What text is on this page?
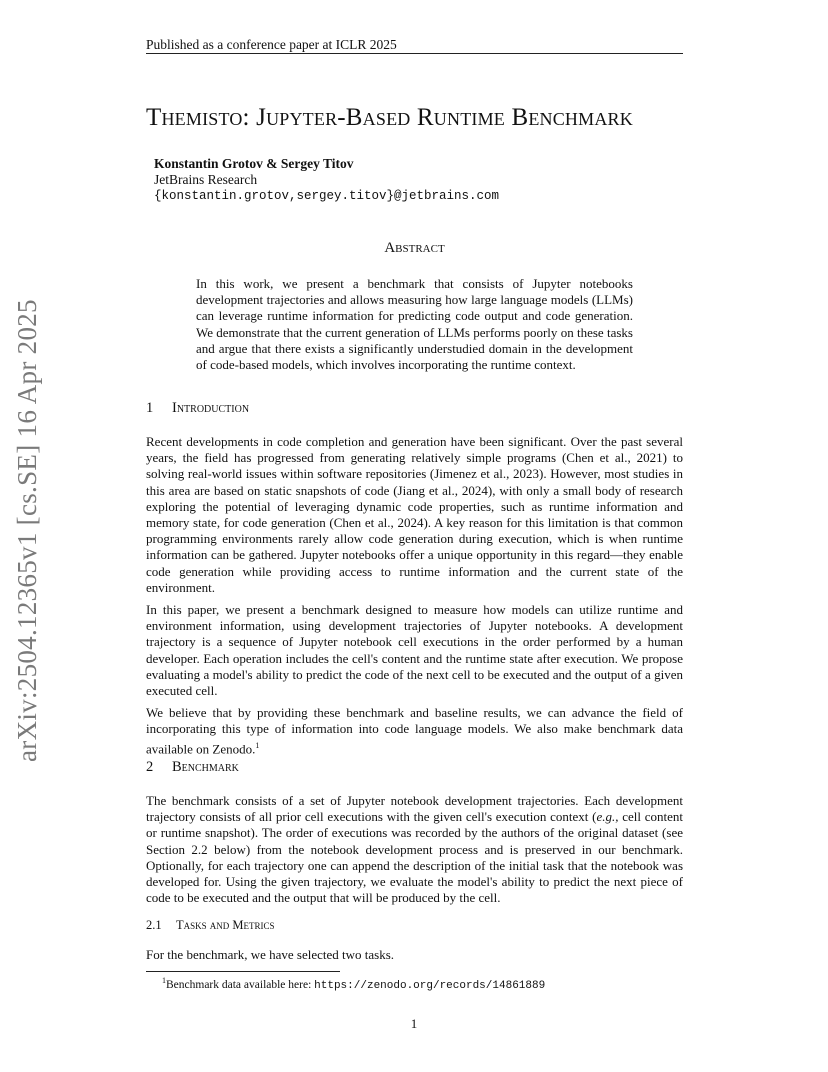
Published as a conference paper at ICLR 2025
arXiv:2504.12365v1 [cs.SE] 16 Apr 2025
Themisto: Jupyter-Based Runtime Benchmark
Konstantin Grotov & Sergey Titov
JetBrains Research
{konstantin.grotov,sergey.titov}@jetbrains.com
Abstract
In this work, we present a benchmark that consists of Jupyter notebooks development trajectories and allows measuring how large language models (LLMs) can leverage runtime information for predicting code output and code generation. We demonstrate that the current generation of LLMs performs poorly on these tasks and argue that there exists a significantly understudied domain in the development of code-based models, which involves incorporating the runtime context.
1 Introduction

Recent developments in code completion and generation have been significant. Over the past several years, the field has progressed from generating relatively simple programs (Chen et al., 2021) to solving real-world issues within software repositories (Jimenez et al., 2023). However, most studies in this area are based on static snapshots of code (Jiang et al., 2024), with only a small body of research exploring the potential of leveraging dynamic code properties, such as runtime information and memory state, for code generation (Chen et al., 2024). A key reason for this limitation is that common programming environments rarely allow code generation during execution, which is when runtime information can be gathered. Jupyter notebooks offer a unique opportunity in this regard—they enable code generation while providing access to runtime information and the current state of the environment.

In this paper, we present a benchmark designed to measure how models can utilize runtime and environment information, using development trajectories of Jupyter notebooks. A development trajectory is a sequence of Jupyter notebook cell executions in the order performed by a human developer. Each operation includes the cell's content and the runtime state after execution. We propose evaluating a model's ability to predict the code of the next cell to be executed and the output of a given executed cell.

We believe that by providing these benchmark and baseline results, we can advance the field of incorporating this type of information into code language models. We also make benchmark data available on Zenodo.$^1$

2 Benchmark

The benchmark consists of a set of Jupyter notebook development trajectories. Each development trajectory consists of all prior cell executions with the given cell's execution context (e.g., cell content or runtime snapshot). The order of executions was recorded by the authors of the original dataset (see Section 2.2 below) from the notebook development process and is preserved in our benchmark. Optionally, for each trajectory one can append the description of the initial task that the notebook was developed for. Using the given trajectory, we evaluate the model's ability to predict the next piece of code to be executed and the output that will be produced by the cell.

2.1 Tasks and Metrics
For the benchmark, we have selected two tasks.
$^1$Benchmark data available here: https://zenodo.org/records/14861889
1
